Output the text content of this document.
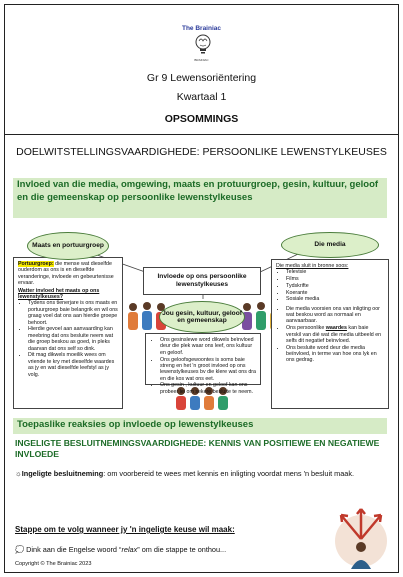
The Brainiac
BRAINIAC
Gr 9 Lewensoriëntering
Kwartaal 1
OPSOMMINGS
DOELWITSTELLINGSVAARDIGHEDE: PERSOONLIKE LEWENSTYLKEUSES
Invloed van die media, omgewing, maats en protuurgroep, gesin, kultuur, geloof en die gemeenskap op persoonlike lewenstylkeuses
Portuurgroep: die mense wat dieselfde ouderdom as ons is en dieselfde veranderinge, invloede en gebeurtenisse ervaar.
Watter invloed het maats op ons lewenstylkeuses?
• Tydens ons tienerjare is ons maats en portuurgroep baie belangrik en wil ons graag voel dat ons aan hierdie groepe behoort.
• Hierdie gevoel aan aanvaarding kan meebring dat ons besluite neem wat die groep beskou as goed, in pleks daarvan dat ons self so dink.
• Dit mag dikwels moeilik wees om vriende te kry met dieselfde waardes as jy en wat dieselfde leefstyl as jy volg.
Maats en portuurgroep
Invloede op ons persoonlike lewenstylkeuses
Jou gesin, kultuur, geloof en gemeenskap
• Ons gesinslewe word dikwels beïnvloed deur die plek waar ons leef, ons kultuur en geloof.
• Ons geloofsgewoontes is soms baie streng en het 'n groot invloed op ons lewenstylkeuses bv die klere wat ons dra en die kos wat ons eet.
• Ons gesin , kultuur en geloof kan ons probeer lei om sekere besluite te neem.
Die media
Die media sluit in bronne soos:
• Televisie
• Films
• Tydskrifte
• Koerante
• Sosiale media
• Die media voorsien ons van inligting oor wat beskou word as normaal en aanvaarbaar.
• Ons persoonlike waardes kan baie verskil van dié wat die media uitbeeld en selfs dit negatief beïnvloed.
• Ons besluite word deur die media beïnvloed, in terme van hoe ons lyk en ons gedrag.
Toepaslike reaksies op invloede op lewenstylkeuses
INGELIGTE BESLUITNEMINGSVAARDIGHEDE: KENNIS VAN POSITIEWE EN NEGATIEWE INVLOEDE
☼Ingeligte besluitneming: om voorbereid te wees met kennis en inligting voordat mens 'n besluit maak.
Stappe om te volg wanneer jy 'n ingeligte keuse wil maak:
💭 Dink aan die Engelse woord “relax” om die stappe te onthou...
Copyright © The Brainiac 2023
